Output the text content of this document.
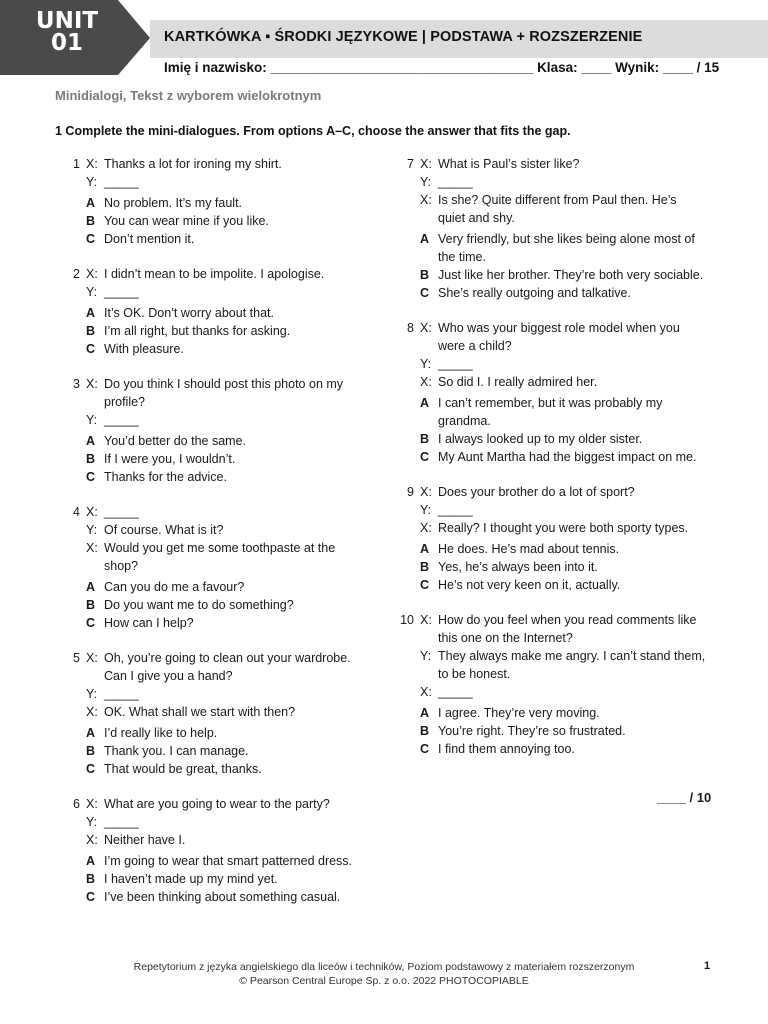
UNIT
01	KARTKÓWKA ▪ ŚRODKI JĘZYKOWE | PODSTAWA + ROZSZERZENIE
Imię i nazwisko: ___________________________________ Klasa: ____ Wynik: ____ / 15
Minidialogi, Tekst z wyborem wielokrotnym
1 Complete the mini-dialogues. From options A–C, choose the answer that fits the gap.
1 X: Thanks a lot for ironing my shirt.
Y: _____
A No problem. It’s my fault.
B You can wear mine if you like.
C Don’t mention it.
2 X: I didn’t mean to be impolite. I apologise.
Y: _____
A It’s OK. Don’t worry about that.
B I’m all right, but thanks for asking.
C With pleasure.
3 X: Do you think I should post this photo on my profile?
Y: _____
A You’d better do the same.
B If I were you, I wouldn’t.
C Thanks for the advice.
4 X: _____
Y: Of course. What is it?
X: Would you get me some toothpaste at the shop?
A Can you do me a favour?
B Do you want me to do something?
C How can I help?
5 X: Oh, you’re going to clean out your wardrobe. Can I give you a hand?
Y: _____
X: OK. What shall we start with then?
A I’d really like to help.
B Thank you. I can manage.
C That would be great, thanks.
6 X: What are you going to wear to the party?
Y: _____
X: Neither have I.
A I’m going to wear that smart patterned dress.
B I haven’t made up my mind yet.
C I’ve been thinking about something casual.
7 X: What is Paul’s sister like?
Y: _____
X: Is she? Quite different from Paul then. He’s quiet and shy.
A Very friendly, but she likes being alone most of the time.
B Just like her brother. They’re both very sociable.
C She’s really outgoing and talkative.
8 X: Who was your biggest role model when you were a child?
Y: _____
X: So did I. I really admired her.
A I can’t remember, but it was probably my grandma.
B I always looked up to my older sister.
C My Aunt Martha had the biggest impact on me.
9 X: Does your brother do a lot of sport?
Y: _____
X: Really? I thought you were both sporty types.
A He does. He’s mad about tennis.
B Yes, he’s always been into it.
C He’s not very keen on it, actually.
10 X: How do you feel when you read comments like this one on the Internet?
Y: They always make me angry. I can’t stand them, to be honest.
X: _____
A I agree. They’re very moving.
B You’re right. They’re so frustrated.
C I find them annoying too.
____ / 10
Repetytorium z języka angielskiego dla liceów i techników, Poziom podstawowy z materiałem rozszerzonym
© Pearson Central Europe Sp. z o.o. 2022 PHOTOCOPIABLE
1
